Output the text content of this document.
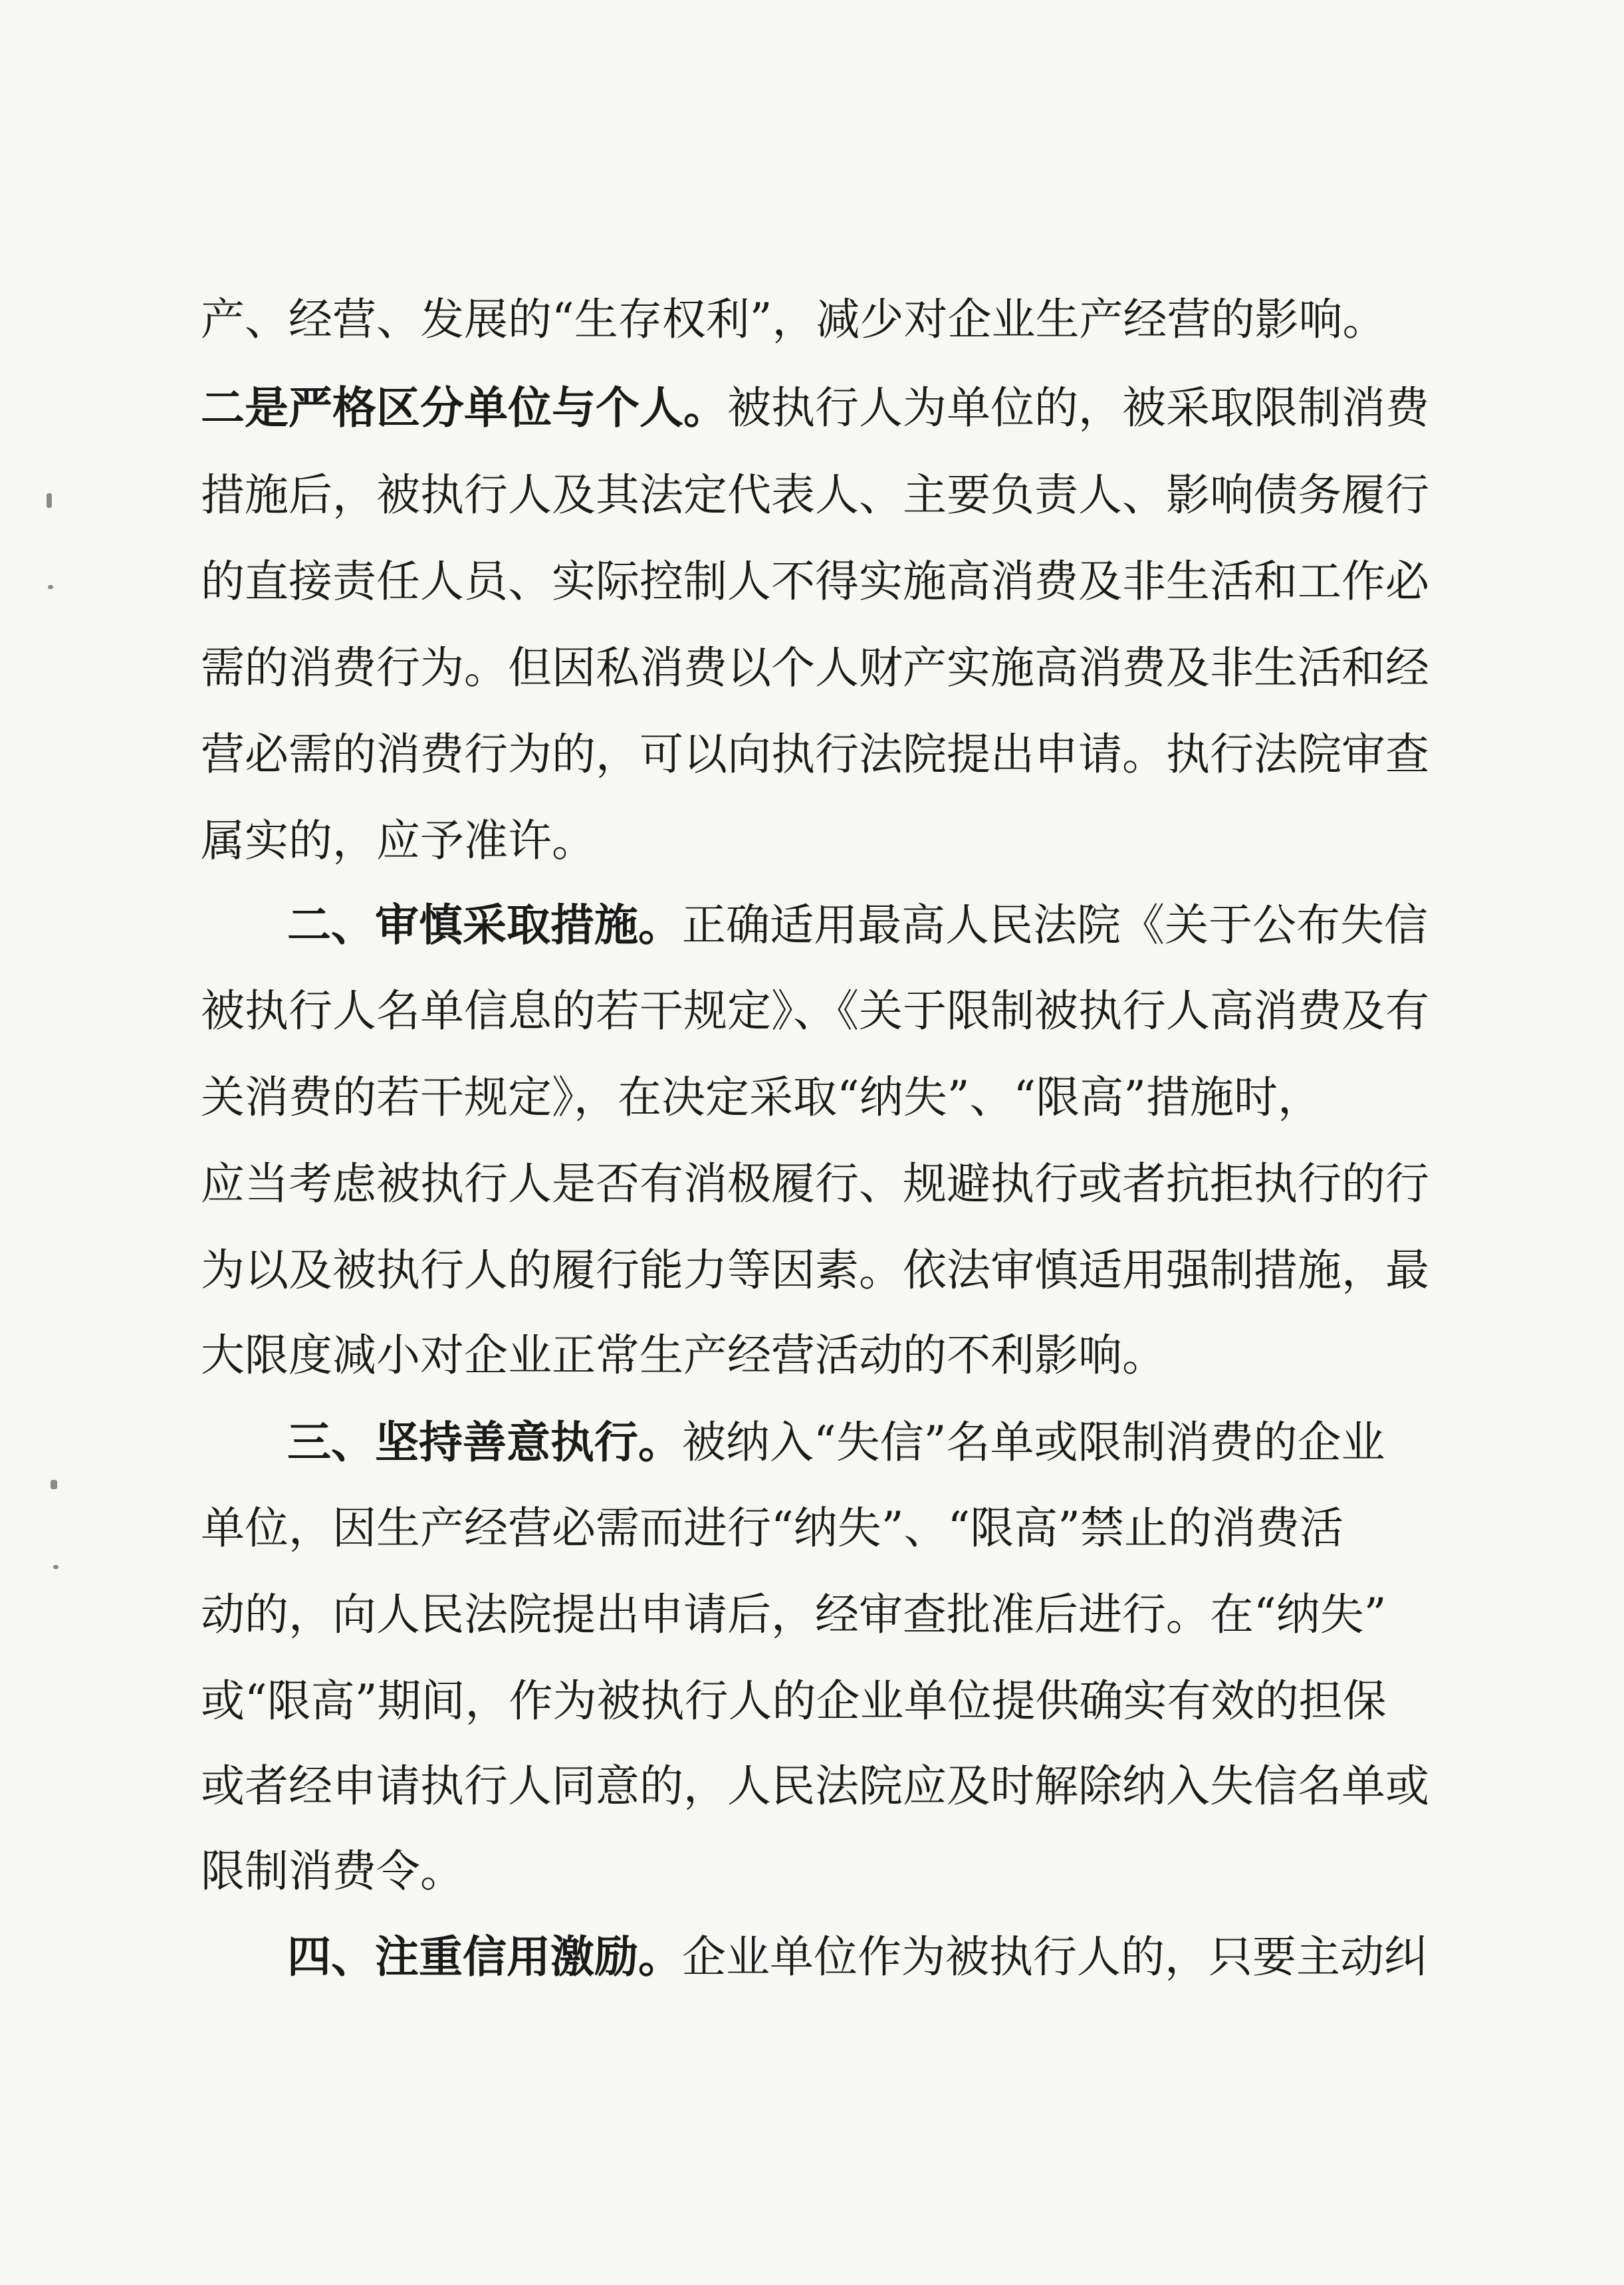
产、经营、发展的“生存权利”，减少对企业生产经营的影响。
二是严格区分单位与个人。被执行人为单位的，被采取限制消费
措施后，被执行人及其法定代表人、主要负责人、影响债务履行
的直接责任人员、实际控制人不得实施高消费及非生活和工作必
需的消费行为。但因私消费以个人财产实施高消费及非生活和经
营必需的消费行为的，可以向执行法院提出申请。执行法院审查
属实的，应予准许。
二、审慎采取措施。正确适用最高人民法院《关于公布失信
被执行人名单信息的若干规定》、《关于限制被执行人高消费及有
关消费的若干规定》，在决定采取“纳失”、“限高”措施时，
应当考虑被执行人是否有消极履行、规避执行或者抗拒执行的行
为以及被执行人的履行能力等因素。依法审慎适用强制措施，最
大限度减小对企业正常生产经营活动的不利影响。
三、坚持善意执行。被纳入“失信”名单或限制消费的企业
单位，因生产经营必需而进行“纳失”、“限高”禁止的消费活
动的，向人民法院提出申请后，经审查批准后进行。在“纳失”
或“限高”期间，作为被执行人的企业单位提供确实有效的担保
或者经申请执行人同意的，人民法院应及时解除纳入失信名单或
限制消费令。
四、注重信用激励。企业单位作为被执行人的，只要主动纠
